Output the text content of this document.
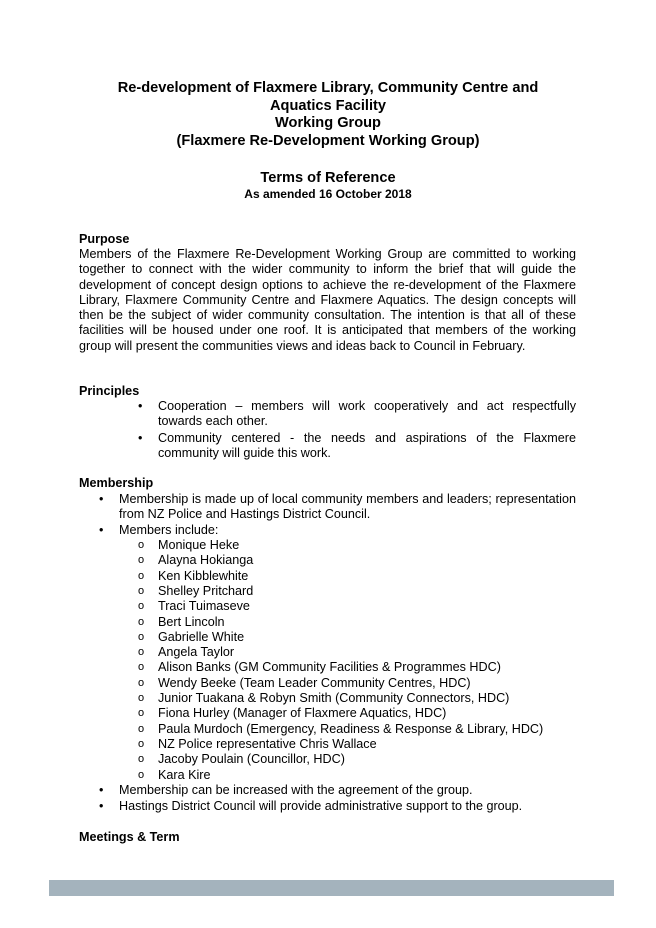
Re-development of Flaxmere Library, Community Centre and
Aquatics Facility
Working Group
(Flaxmere Re-Development Working Group)
Terms of Reference
As amended 16 October 2018
Purpose
Members of the Flaxmere Re-Development Working Group are committed to working together to connect with the wider community to inform the brief that will guide the development of concept design options to achieve the re-development of the Flaxmere Library, Flaxmere Community Centre and Flaxmere Aquatics. The design concepts will then be the subject of wider community consultation. The intention is that all of these facilities will be housed under one roof. It is anticipated that members of the working group will present the communities views and ideas back to Council in February.
Principles
• Cooperation – members will work cooperatively and act respectfully towards each other.
• Community centered - the needs and aspirations of the Flaxmere community will guide this work.
Membership
• Membership is made up of local community members and leaders; representation from NZ Police and Hastings District Council.
• Members include:
o Monique Heke
o Alayna Hokianga
o Ken Kibblewhite
o Shelley Pritchard
o Traci Tuimaseve
o Bert Lincoln
o Gabrielle White
o Angela Taylor
o Alison Banks (GM Community Facilities & Programmes HDC)
o Wendy Beeke (Team Leader Community Centres, HDC)
o Junior Tuakana & Robyn Smith (Community Connectors, HDC)
o Fiona Hurley (Manager of Flaxmere Aquatics, HDC)
o Paula Murdoch (Emergency, Readiness & Response & Library, HDC)
o NZ Police representative Chris Wallace
o Jacoby Poulain (Councillor, HDC)
o Kara Kire
• Membership can be increased with the agreement of the group.
• Hastings District Council will provide administrative support to the group.
Meetings & Term
